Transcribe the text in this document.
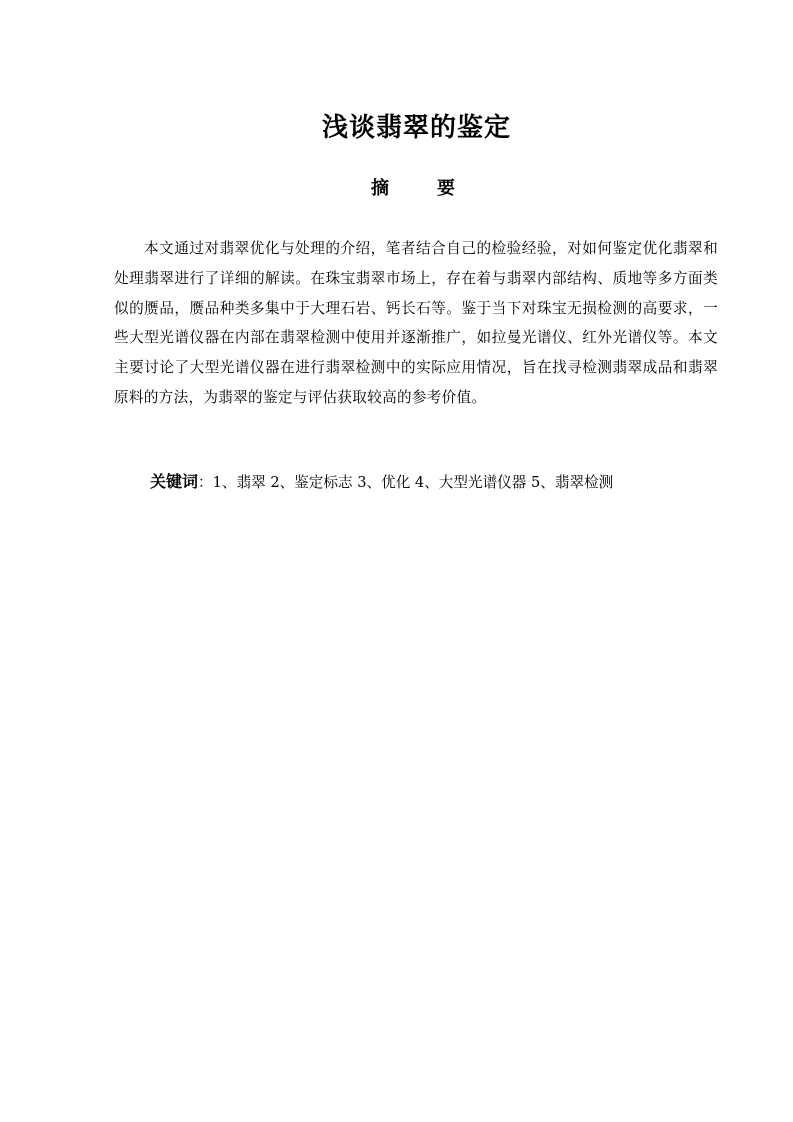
浅谈翡翠的鉴定
摘	要
本文通过对翡翠优化与处理的介绍，笔者结合自己的检验经验，对如何鉴定优化翡翠和处理翡翠进行了详细的解读。在珠宝翡翠市场上，存在着与翡翠内部结构、质地等多方面类似的赝品，赝品种类多集中于大理石岩、钙长石等。鉴于当下对珠宝无损检测的高要求，一些大型光谱仪器在内部在翡翠检测中使用并逐渐推广，如拉曼光谱仪、红外光谱仪等。本文主要讨论了大型光谱仪器在进行翡翠检测中的实际应用情况，旨在找寻检测翡翠成品和翡翠原料的方法，为翡翠的鉴定与评估获取较高的参考价值。
关键词：1、翡翠 2、鉴定标志 3、优化 4、大型光谱仪器 5、翡翠检测
